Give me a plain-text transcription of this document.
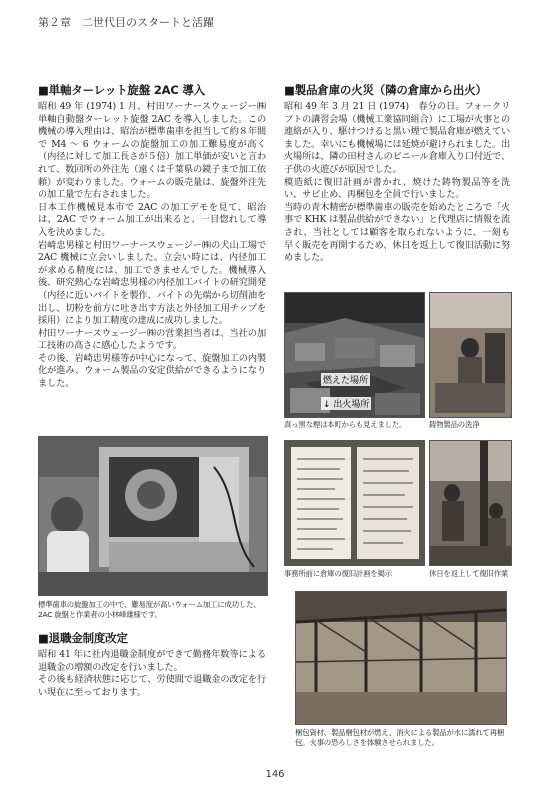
第２章　二世代目のスタートと活躍
■単軸ターレット旋盤 2AC 導入

昭和 49 年 (1974) 1 月、村田ワーナースウェージー㈱単軸自動盤ターレット旋盤 2AC を導入しました。この機械の導入理由は、昭治が標準歯車を担当して約８年間で M4 ～ 6 ウォームの旋盤加工の加工難易度が高く（内径に対して加工長さが５倍）加工単価が安いと言われて、数回所の外注先（遠くは千葉県の鏡子まで加工依頼）が変わりました。ウォームの販売量は、旋盤外注先の加工量で左右されました。

日本工作機械見本市で 2AC の加工デモを見て、昭治は、2AC でウォーム加工が出来ると、一目惚れして導入を決めました。

岩崎忠男様と村田ワーナースウェージー㈱の犬山工場で 2AC 機械に立会いしました。立会い時には、内径加工が求める精度には、加工できませんでした。機械導入後、研究熱心な岩崎忠男様の内径加工バイトの研究開発（内径に近いバイトを製作、バイトの先端から切削油を出し、切粉を前方に吐き出す方法と外径加工用チップを採用）により加工精度の達成に成功しました。

村田ワーナースウェージー㈱の営業担当者は、当社の加工技術の高さに感心したようです。

その後、岩崎忠男様等が中心になって、旋盤加工の内製化が進み、ウォーム製品の安定供給ができるようになりました。

標準歯車の旋盤加工の中で、難易度が高いウォーム加工に成功した、2AC 旋盤と作業者の小林峰雄様です。
■退職金制度改定

昭和 41 年に社内退職金制度ができて勤務年数等による退職金の増額の改定を行いました。

その後も経済状態に応じて、労使間で退職金の改定を行い現在に至っております。

■製品倉庫の火災（隣の倉庫から出火）

昭和 49 年 3 月 21 日 (1974)　春分の日。フォークリフトの講習会場（機械工業協同組合）に工場が火事との連絡が入り、駆けつけると黒い煙で製品倉庫が燃えていました。幸いにも機械場には延焼が避けられました。出火場所は、隣の田村さんのビニール倉庫入り口付近で、子供の火遊びが原因でした。

模造紙に復旧計画が書かれ、焼けた鋳物製品等を洗い、サビ止め、再梱包を全員で行いました。

当時の青木精密が標準歯車の販売を始めたところで「火事で KHK は製品供給ができない」と代理店に情報を流され、当社としては顧客を取られないように、一刻も早く販売を再開するため、休日を返上して復旧活動に努めました。

燃えた場所
↓ 出火場所
真っ黒な煙は本町からも見えました。	鋳物製品の洗浄
事務所前に倉庫の復旧計画を掲示	休日を返上して復旧作業
梱包資材、製品梱包材が燃え、消火による製品が水に濡れて再梱包。火事の恐ろしさを体験させられました。
146
